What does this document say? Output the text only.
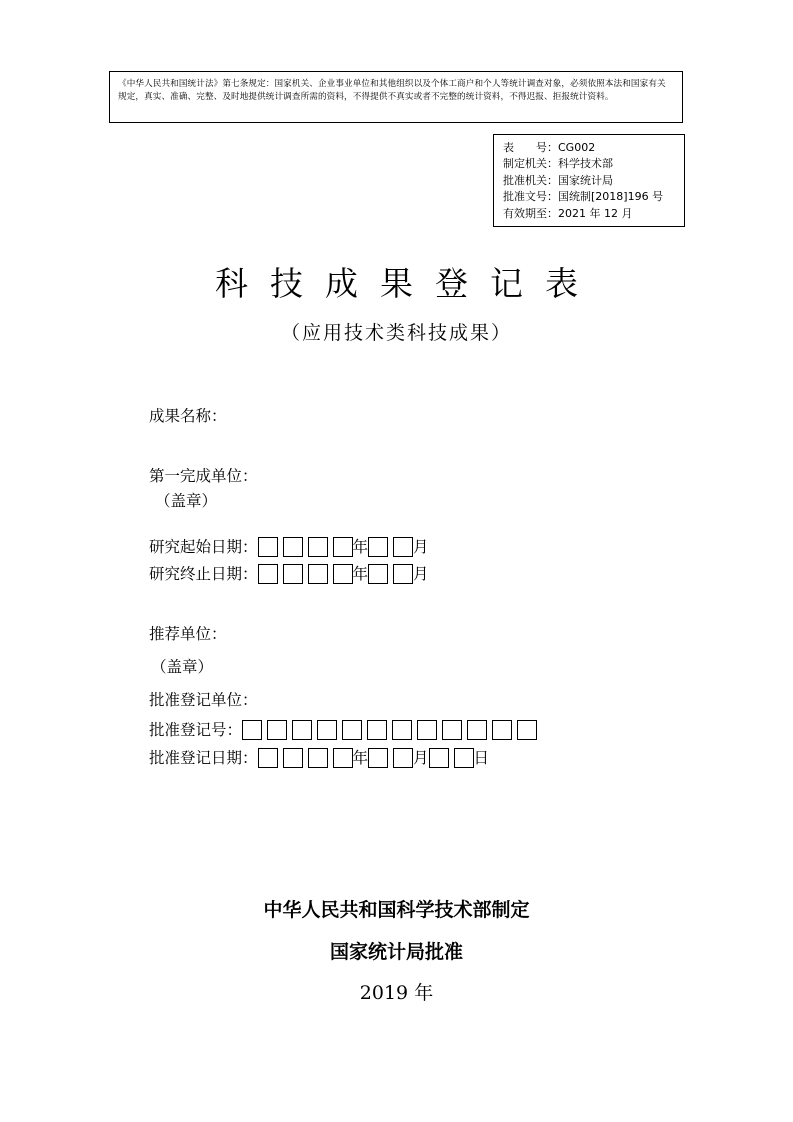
《中华人民共和国统计法》第七条规定：国家机关、企业事业单位和其他组织以及个体工商户和个人等统计调查对象，必须依照本法和国家有关规定，真实、准确、完整、及时地提供统计调查所需的资料，不得提供不真实或者不完整的统计资料，不得迟报、拒报统计资料。
表　　号：CG002
制定机关：科学技术部
批准机关：国家统计局
批准文号：国统制[2018]196 号
有效期至：2021 年 12 月
科技成果登记表
（应用技术类科技成果）
成果名称：
第一完成单位：
（盖章）
研究起始日期：	年	月
研究终止日期：	年	月
推荐单位：
（盖章）
批准登记单位：
批准登记号：
批准登记日期：	年	月	日
中华人民共和国科学技术部制定
国家统计局批准
2019 年
